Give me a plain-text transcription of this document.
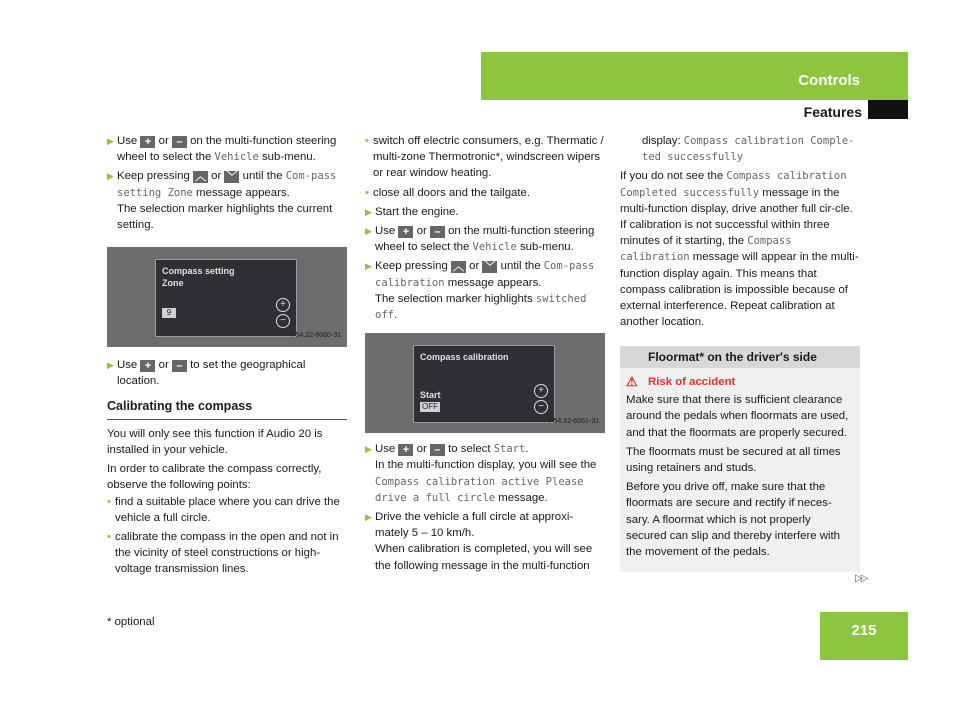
Controls
Features
▶ Use + or – on the multi-function steering wheel to select the Vehicle sub-menu.
▶ Keep pressing ︿ or ﹀ until the Com-pass setting Zone message appears.
The selection marker highlights the current setting.
Compass setting
Zone
9
+
−
P54.32-6060-31
▶ Use + or – to set the geographical location.
Calibrating the compass

You will only see this function if Audio 20 is installed in your vehicle.

In order to calibrate the compass correctly, observe the following points:

• find a suitable place where you can drive the vehicle a full circle.
• calibrate the compass in the open and not in the vicinity of steel constructions or high-voltage transmission lines.
• switch off electric consumers, e.g. Thermatic / multi-zone Thermotronic*, windscreen wipers or rear window heating.
• close all doors and the tailgate.
▶ Start the engine.
▶ Use + or – on the multi-function steering wheel to select the Vehicle sub-menu.
▶ Keep pressing ︿ or ﹀ until the Com-pass calibration message appears.
The selection marker highlights switched off.
Compass calibration
Start
OFF
+
−
P54.32-6061-31
▶ Use + or – to select Start.
In the multi-function display, you will see the Compass calibration active Please drive a full circle message.
▶ Drive the vehicle a full circle at approxi-mately 5 – 10 km/h.
When calibration is completed, you will see the following message in the multi-function

display: Compass calibration Comple-ted successfully

If you do not see the Compass calibration Completed successfully message in the multi-function display, drive another full cir-cle. If calibration is not successful within three minutes of it starting, the Compass calibration message will appear in the multi-function display again. This means that compass calibration is impossible because of external interference. Repeat calibration at another location.

Floormat* on the driver's side

⚠ Risk of accident

Make sure that there is sufficient clearance around the pedals when floormats are used, and that the floormats are properly secured.

The floormats must be secured at all times using retainers and studs.

Before you drive off, make sure that the floormats are secure and rectify if neces-sary. A floormat which is not properly secured can slip and thereby interfere with the movement of the pedals.

▷▷
* optional	215
